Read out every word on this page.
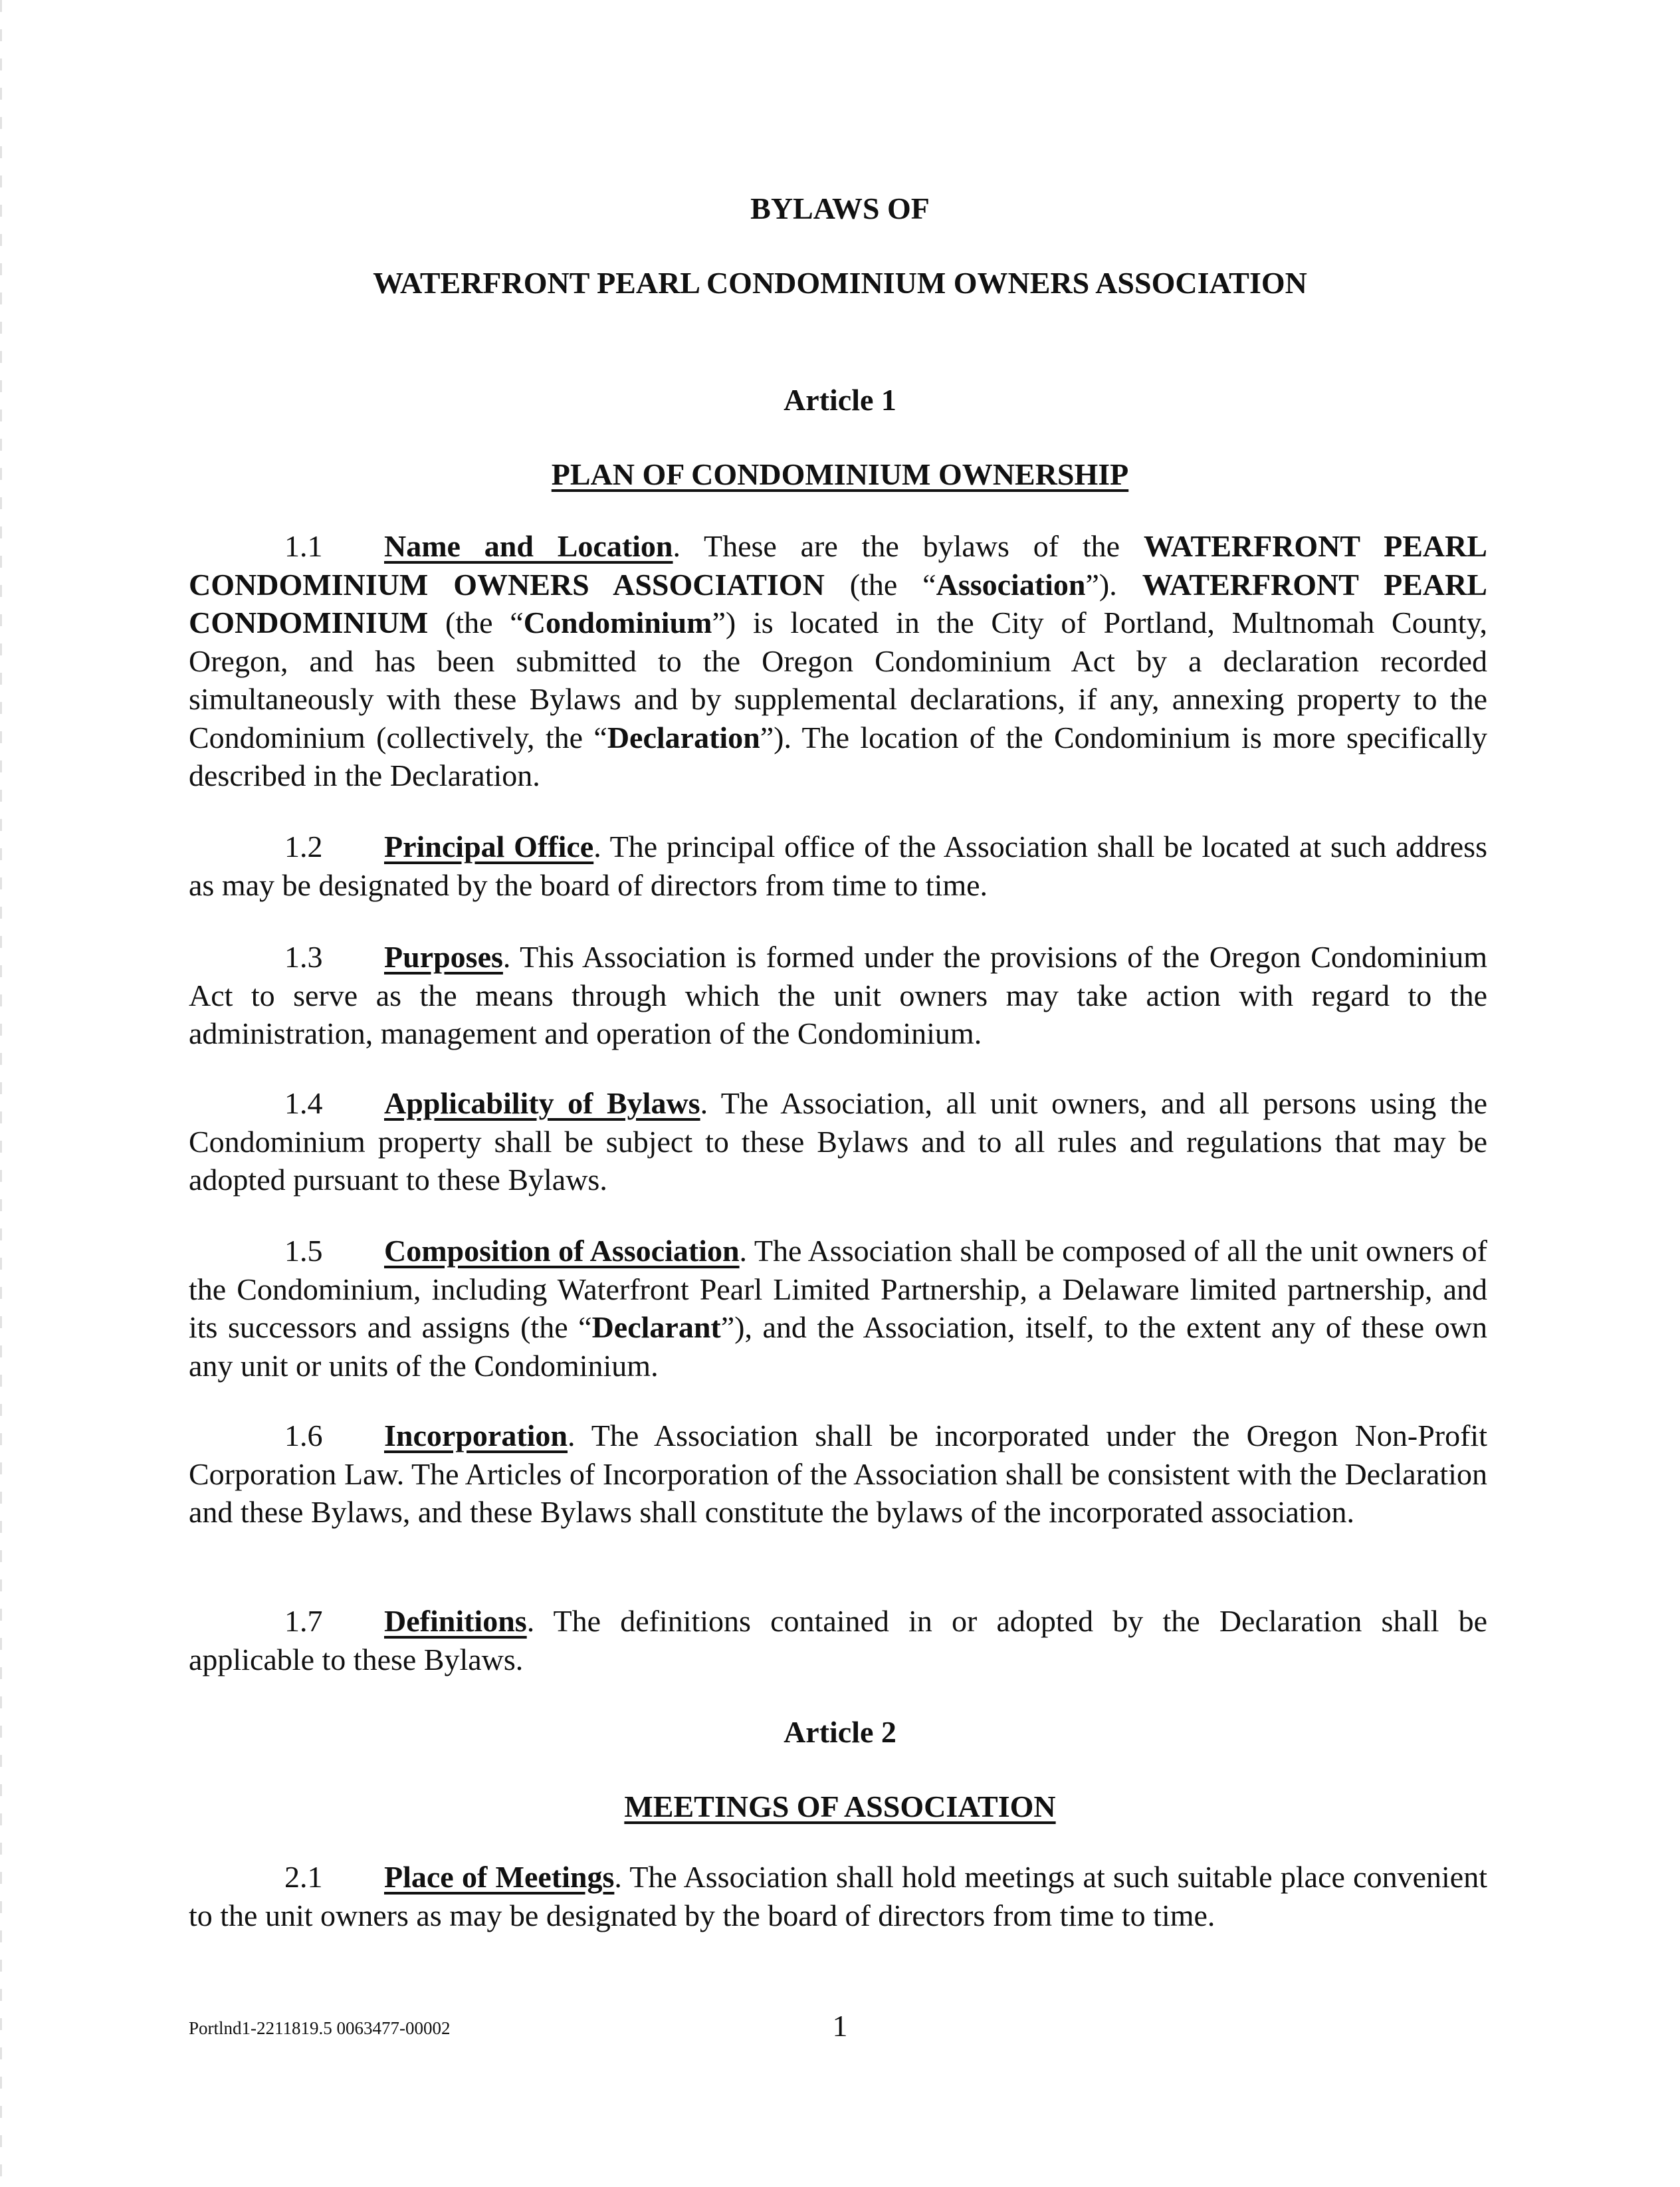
BYLAWS OF
WATERFRONT PEARL CONDOMINIUM OWNERS ASSOCIATION
Article 1
PLAN OF CONDOMINIUM OWNERSHIP
1.1 Name and Location. These are the bylaws of the WATERFRONT PEARL CONDOMINIUM OWNERS ASSOCIATION (the “Association”). WATERFRONT PEARL CONDOMINIUM (the “Condominium”) is located in the City of Portland, Multnomah County, Oregon, and has been submitted to the Oregon Condominium Act by a declaration recorded simultaneously with these Bylaws and by supplemental declarations, if any, annexing property to the Condominium (collectively, the “Declaration”). The location of the Condominium is more specifically described in the Declaration.
1.2 Principal Office. The principal office of the Association shall be located at such address as may be designated by the board of directors from time to time.
1.3 Purposes. This Association is formed under the provisions of the Oregon Condominium Act to serve as the means through which the unit owners may take action with regard to the administration, management and operation of the Condominium.
1.4 Applicability of Bylaws. The Association, all unit owners, and all persons using the Condominium property shall be subject to these Bylaws and to all rules and regulations that may be adopted pursuant to these Bylaws.
1.5 Composition of Association. The Association shall be composed of all the unit owners of the Condominium, including Waterfront Pearl Limited Partnership, a Delaware limited partnership, and its successors and assigns (the “Declarant”), and the Association, itself, to the extent any of these own any unit or units of the Condominium.
1.6 Incorporation. The Association shall be incorporated under the Oregon Non-Profit Corporation Law. The Articles of Incorporation of the Association shall be consistent with the Declaration and these Bylaws, and these Bylaws shall constitute the bylaws of the incorporated association.
1.7 Definitions. The definitions contained in or adopted by the Declaration shall be applicable to these Bylaws.
Article 2
MEETINGS OF ASSOCIATION
2.1 Place of Meetings. The Association shall hold meetings at such suitable place convenient to the unit owners as may be designated by the board of directors from time to time.
Portlnd1-2211819.5 0063477-00002	1
